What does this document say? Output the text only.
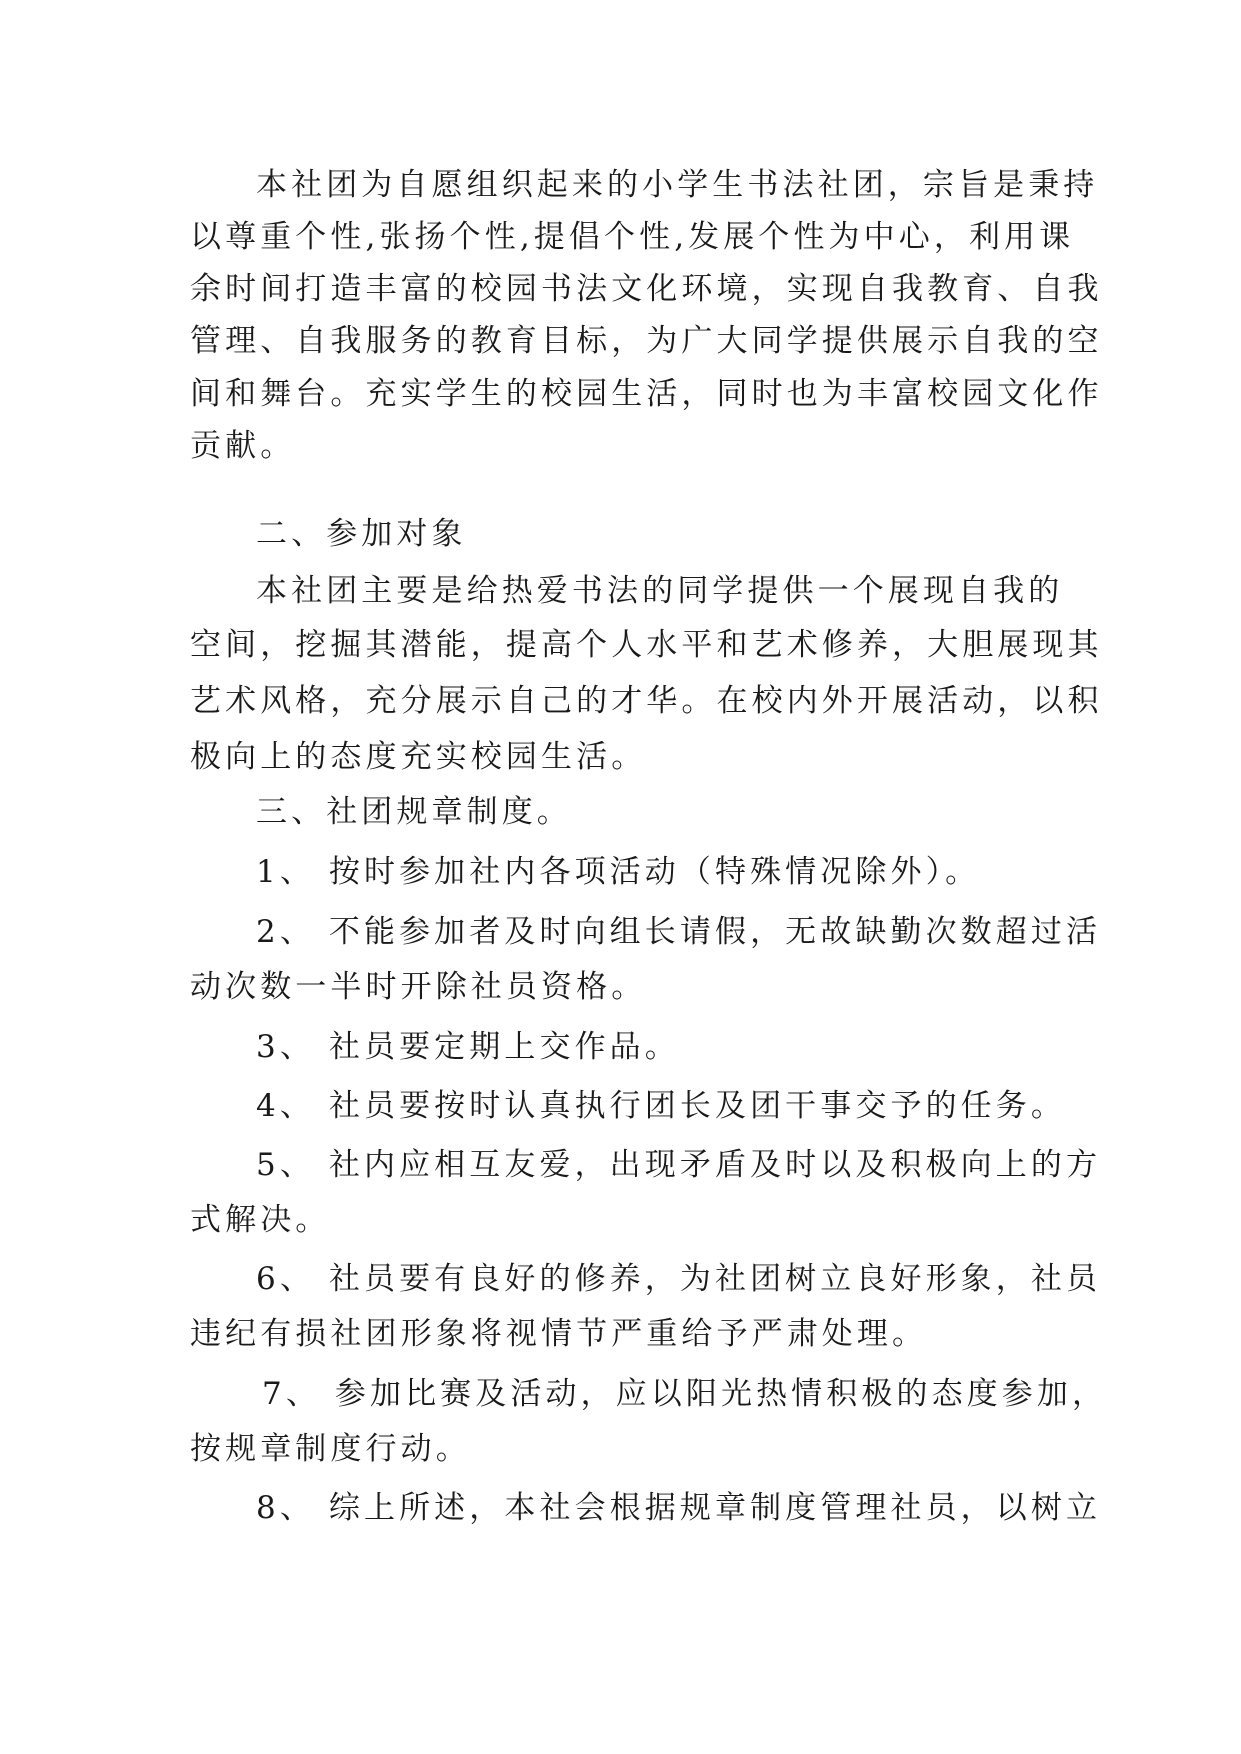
本社团为自愿组织起来的小学生书法社团，宗旨是秉持
以尊重个性,张扬个性,提倡个性,发展个性为中心，利用课
余时间打造丰富的校园书法文化环境，实现自我教育、自我
管理、自我服务的教育目标，为广大同学提供展示自我的空
间和舞台。充实学生的校园生活，同时也为丰富校园文化作
贡献。
二、参加对象
本社团主要是给热爱书法的同学提供一个展现自我的
空间，挖掘其潜能，提高个人水平和艺术修养，大胆展现其
艺术风格，充分展示自己的才华。在校内外开展活动，以积
极向上的态度充实校园生活。
三、社团规章制度。
1、 按时参加社内各项活动（特殊情况除外）。
2、 不能参加者及时向组长请假，无故缺勤次数超过活
动次数一半时开除社员资格。
3、 社员要定期上交作品。
4、 社员要按时认真执行团长及团干事交予的任务。
5、 社内应相互友爱，出现矛盾及时以及积极向上的方
式解决。
6、 社员要有良好的修养，为社团树立良好形象，社员
违纪有损社团形象将视情节严重给予严肃处理。
7、 参加比赛及活动，应以阳光热情积极的态度参加，
按规章制度行动。
8、 综上所述，本社会根据规章制度管理社员，以树立
